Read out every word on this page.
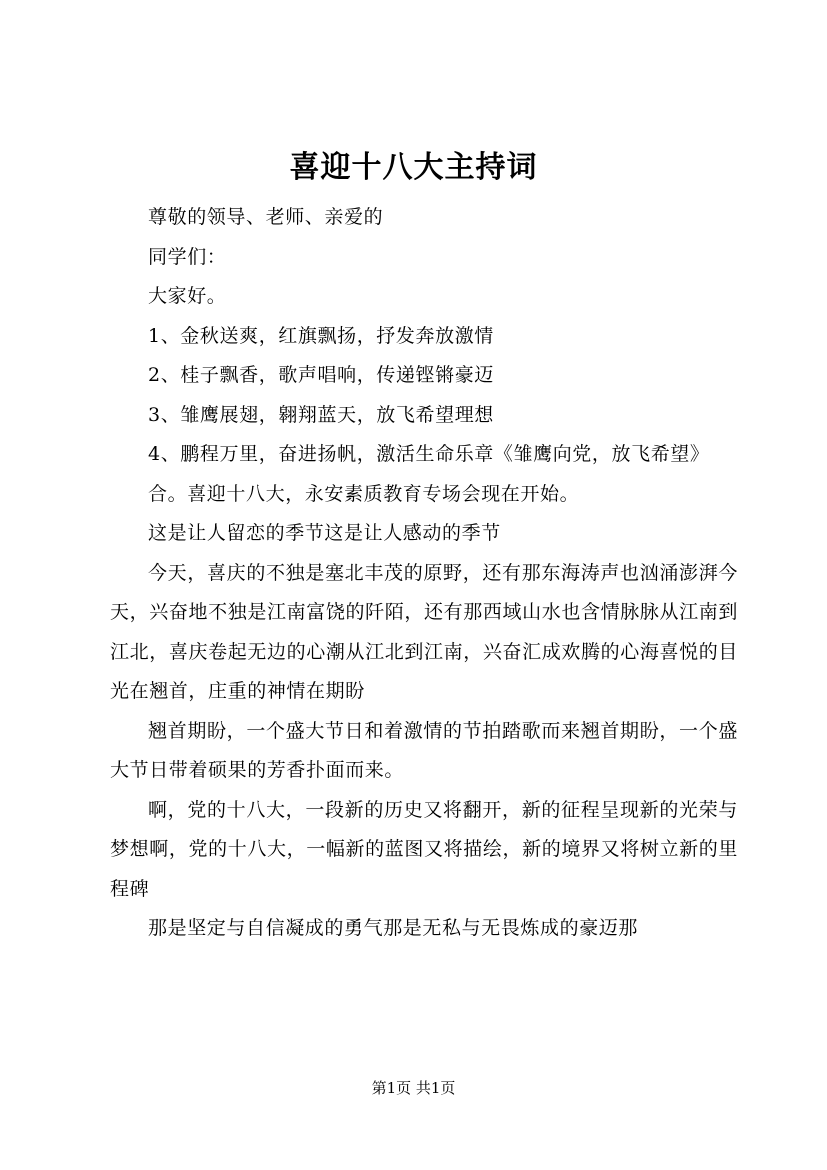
喜迎十八大主持词

尊敬的领导、老师、亲爱的

同学们：

大家好。

1、金秋送爽，红旗飘扬，抒发奔放激情

2、桂子飘香，歌声唱响，传递铿锵豪迈

3、雏鹰展翅，翱翔蓝天，放飞希望理想

4、鹏程万里，奋进扬帆，激活生命乐章《雏鹰向党，放飞希望》

合。喜迎十八大，永安素质教育专场会现在开始。

这是让人留恋的季节这是让人感动的季节

今天，喜庆的不独是塞北丰茂的原野，还有那东海涛声也汹涌澎湃今天，兴奋地不独是江南富饶的阡陌，还有那西域山水也含情脉脉从江南到江北，喜庆卷起无边的心潮从江北到江南，兴奋汇成欢腾的心海喜悦的目光在翘首，庄重的神情在期盼

翘首期盼，一个盛大节日和着激情的节拍踏歌而来翘首期盼，一个盛大节日带着硕果的芳香扑面而来。

啊，党的十八大，一段新的历史又将翻开，新的征程呈现新的光荣与梦想啊，党的十八大，一幅新的蓝图又将描绘，新的境界又将树立新的里程碑

那是坚定与自信凝成的勇气那是无私与无畏炼成的豪迈那

第1页 共1页
